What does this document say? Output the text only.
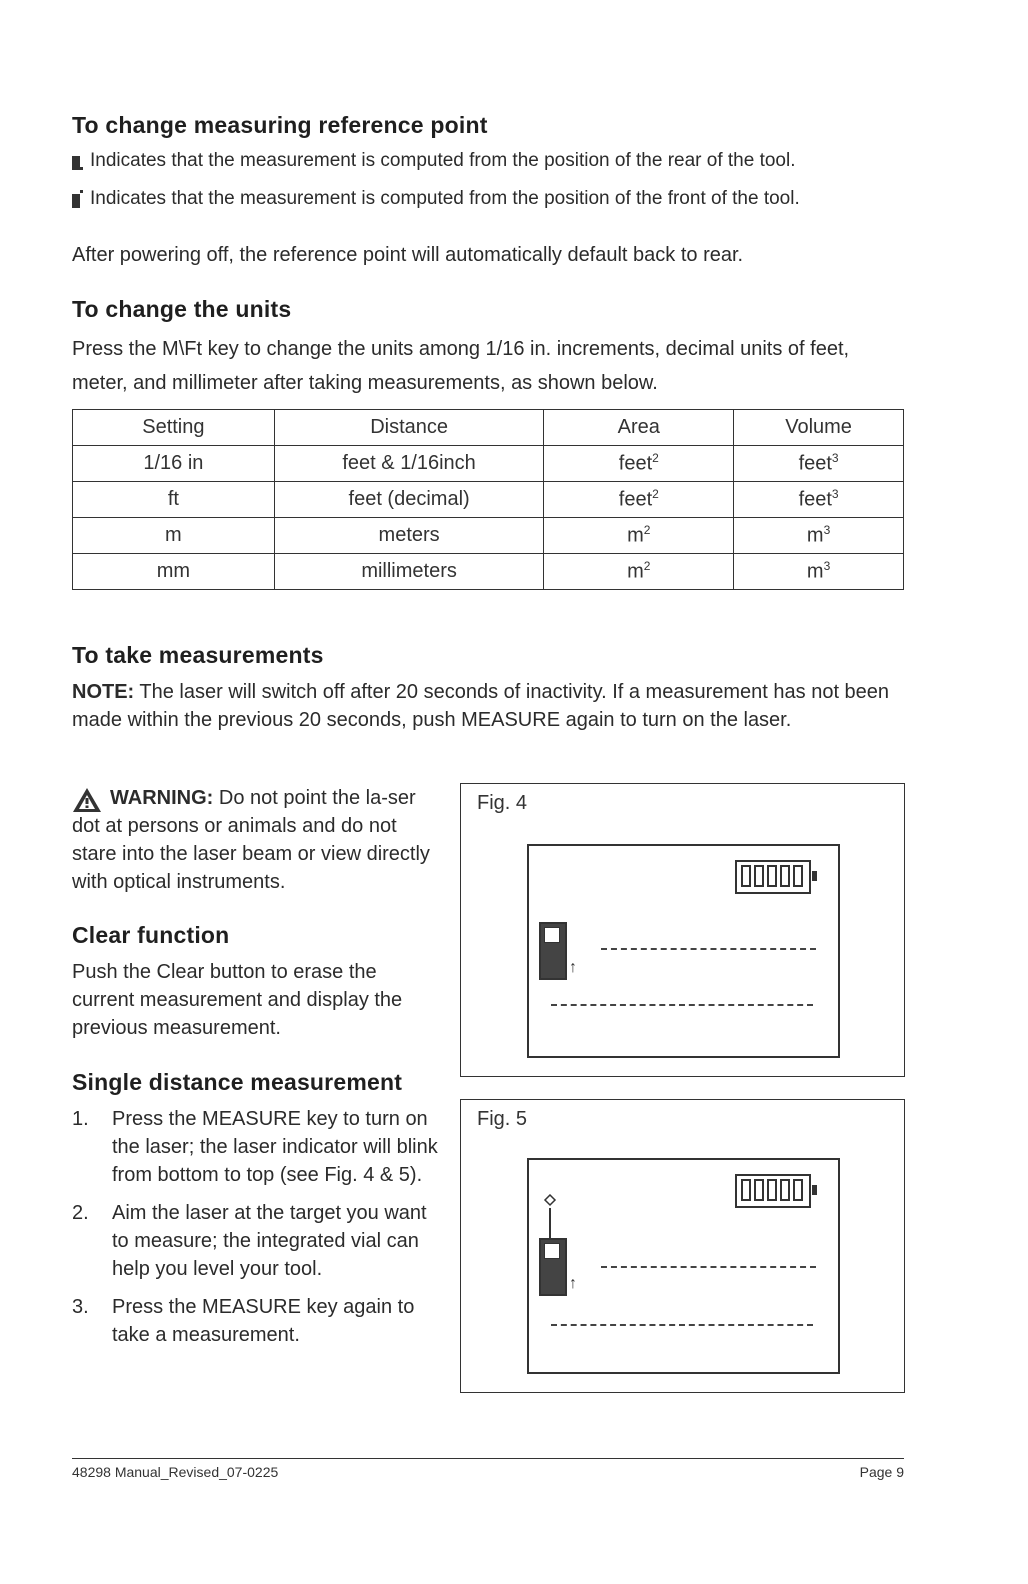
To change measuring reference point
Indicates that the measurement is computed from the position of the rear of the tool.
Indicates that the measurement is computed from the position of the front of the tool.
After powering off, the reference point will automatically default back to rear.
To change the units
Press the M\Ft key to change the units among 1/16 in. increments, decimal units of feet, meter, and millimeter after taking measurements, as shown below.
Setting	Distance	Area	Volume
1/16 in	feet & 1/16inch	feet$^2$	feet$^3$
ft	feet (decimal)	feet$^2$	feet$^3$
m	meters	$m^2$	$m^3$
mm	millimeters	$m^2$	$m^3$
To take measurements
NOTE: The laser will switch off after 20 seconds of inactivity. If a measurement has not been made within the previous 20 seconds, push MEASURE again to turn on the laser.
WARNING: Do not point the la-ser dot at persons or animals and do not stare into the laser beam or view directly with optical instruments.
Clear function
Push the Clear button to erase the current measurement and display the previous measurement.
Single distance measurement
1. Press the MEASURE key to turn on the laser; the laser indicator will blink from bottom to top (see Fig. 4 & 5).
2. Aim the laser at the target you want to measure; the integrated vial can help you level your tool.
3. Press the MEASURE key again to take a measurement.
Fig. 4
↑
Fig. 5
↑
48298 Manual_Revised_07-0225	Page 9
